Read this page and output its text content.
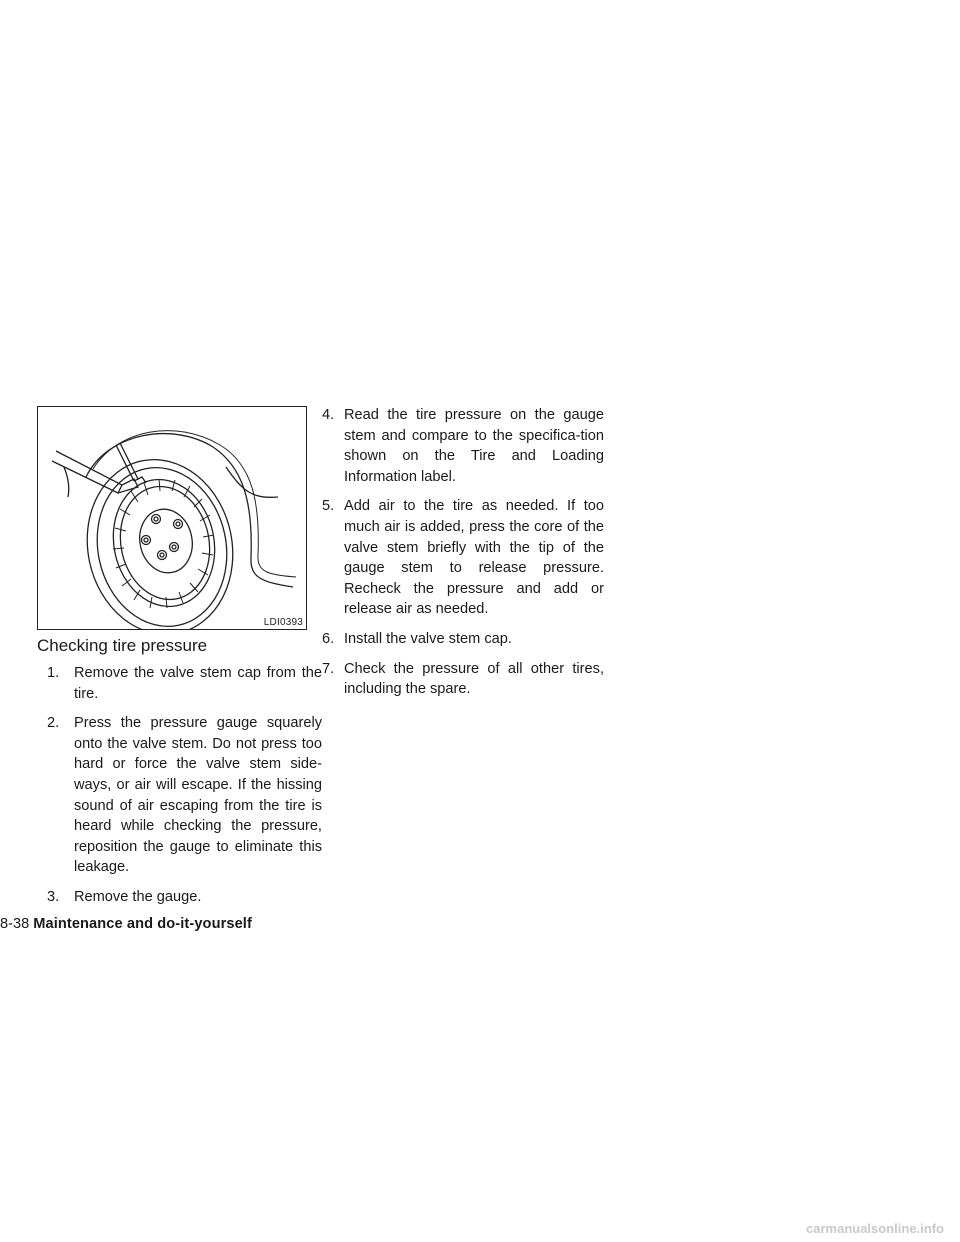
LDI0393
Checking tire pressure
1. Remove the valve stem cap from the tire.
2. Press the pressure gauge squarely onto the valve stem. Do not press too hard or force the valve stem side-ways, or air will escape. If the hissing sound of air escaping from the tire is heard while checking the pressure, reposition the gauge to eliminate this leakage.
3. Remove the gauge.
4. Read the tire pressure on the gauge stem and compare to the specifica-tion shown on the Tire and Loading Information label.
5. Add air to the tire as needed. If too much air is added, press the core of the valve stem briefly with the tip of the gauge stem to release pressure. Recheck the pressure and add or release air as needed.
6. Install the valve stem cap.
7. Check the pressure of all other tires, including the spare.
8-38 Maintenance and do-it-yourself
carmanualsonline.info
